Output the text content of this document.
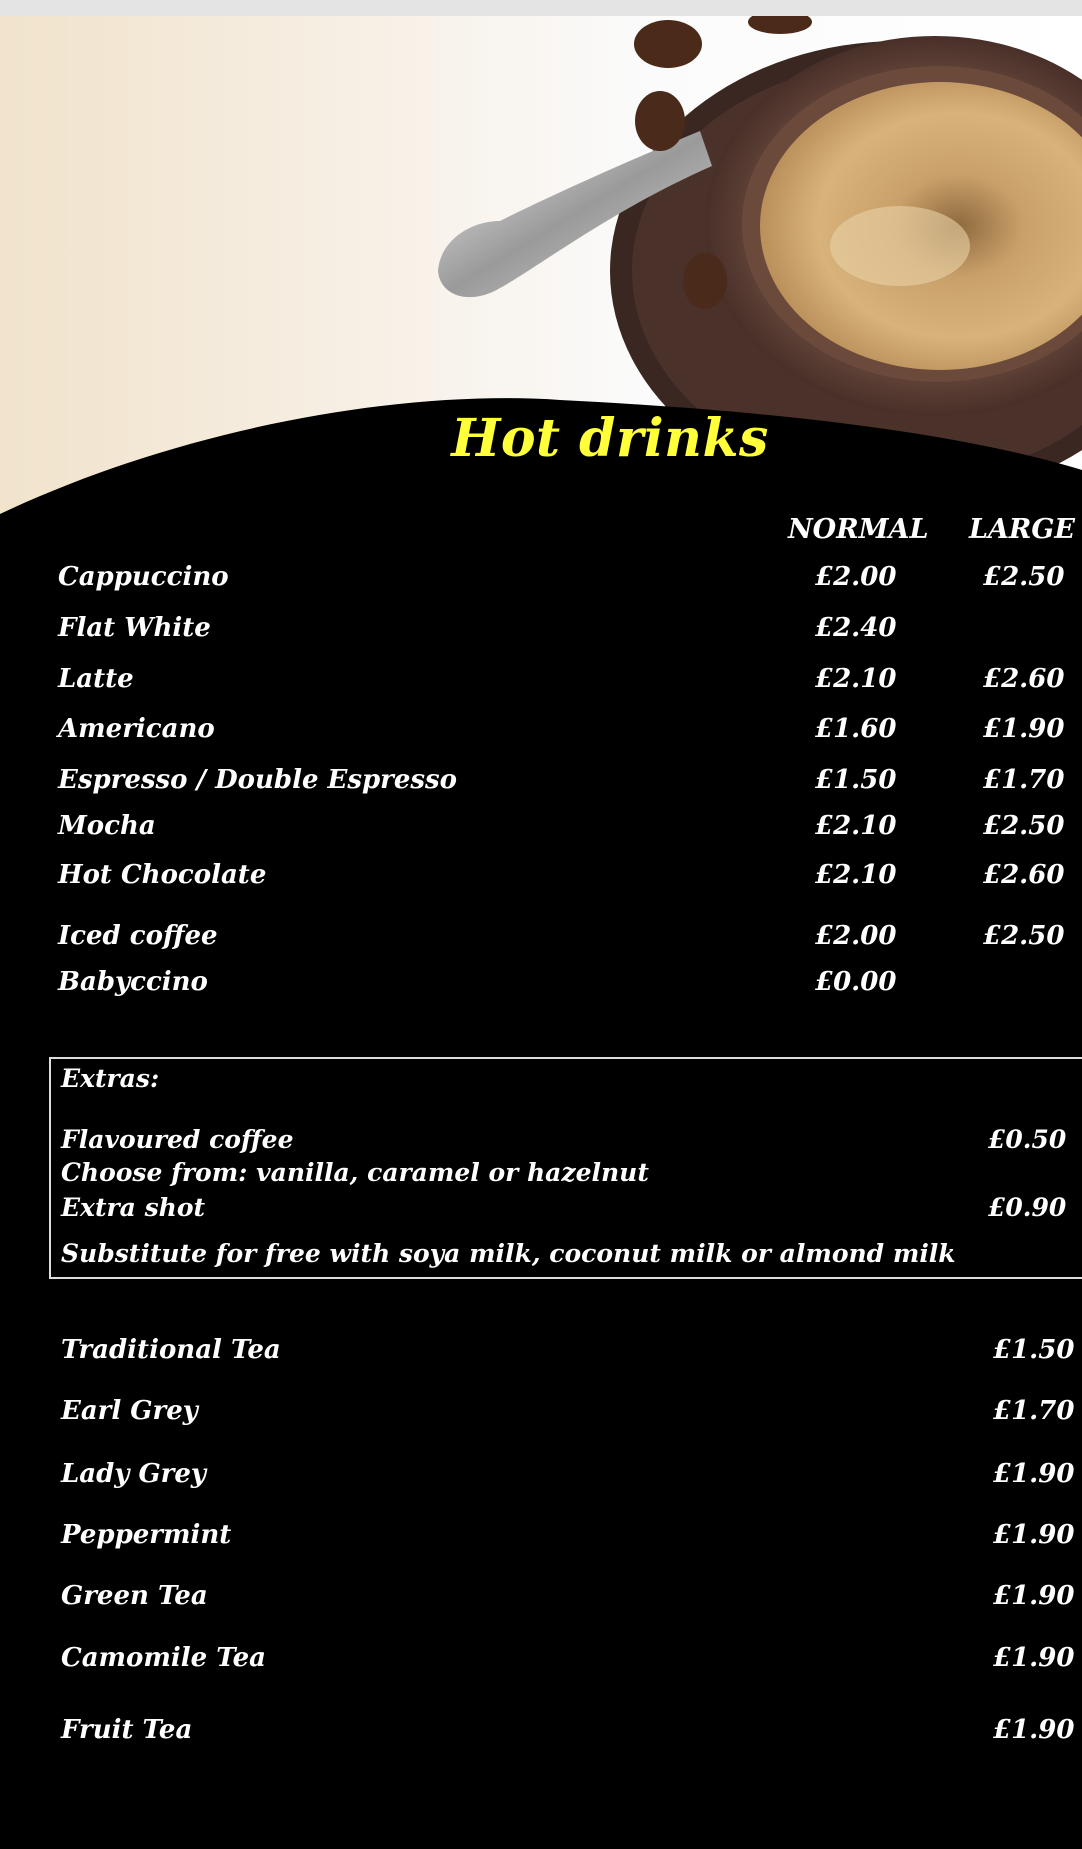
Hot drinks
NORMAL LARGE
Cappuccino	£2.00	£2.50
Flat White	£2.40
Latte	£2.10	£2.60
Americano	£1.60	£1.90
Espresso / Double Espresso	£1.50	£1.70
Mocha	£2.10	£2.50
Hot Chocolate	£2.10	£2.60
Iced coffee	£2.00	£2.50
Babyccino	£0.00
Extras:
Flavoured coffee	£0.50
Choose from: vanilla, caramel or hazelnut
Extra shot	£0.90
Substitute for free with soya milk, coconut milk or almond milk
Traditional Tea	£1.50
Earl Grey	£1.70
Lady Grey	£1.90
Peppermint	£1.90
Green Tea	£1.90
Camomile Tea	£1.90
Fruit Tea	£1.90
